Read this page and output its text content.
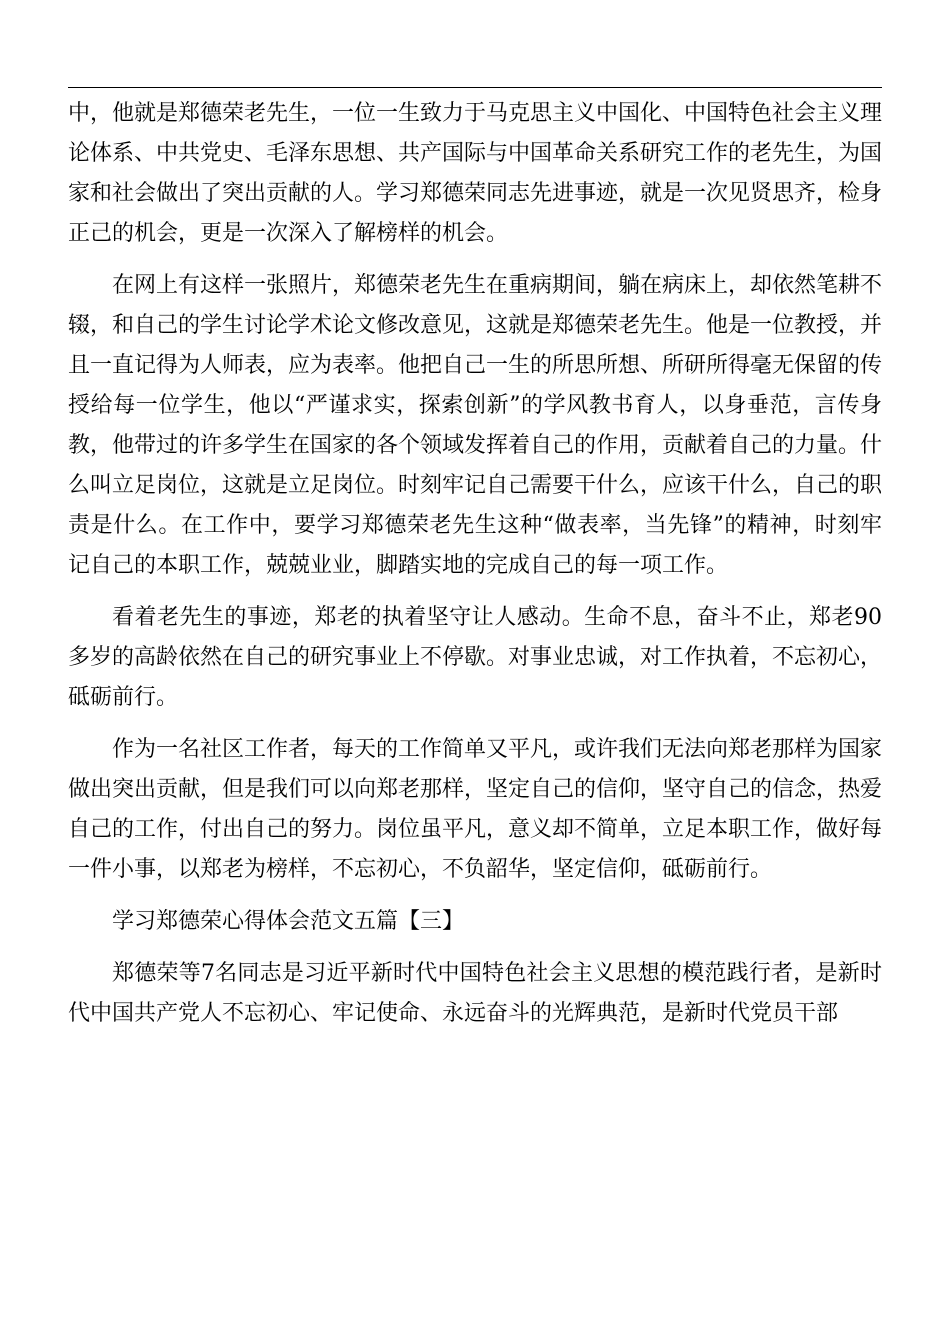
中，他就是郑德荣老先生，一位一生致力于马克思主义中国化、中国特色社会主义理论体系、中共党史、毛泽东思想、共产国际与中国革命关系研究工作的老先生，为国家和社会做出了突出贡献的人。学习郑德荣同志先进事迹，就是一次见贤思齐，检身正己的机会，更是一次深入了解榜样的机会。

在网上有这样一张照片，郑德荣老先生在重病期间，躺在病床上，却依然笔耕不辍，和自己的学生讨论学术论文修改意见，这就是郑德荣老先生。他是一位教授，并且一直记得为人师表，应为表率。他把自己一生的所思所想、所研所得毫无保留的传授给每一位学生，他以“严谨求实，探索创新”的学风教书育人，以身垂范，言传身教，他带过的许多学生在国家的各个领域发挥着自己的作用，贡献着自己的力量。什么叫立足岗位，这就是立足岗位。时刻牢记自己需要干什么，应该干什么，自己的职责是什么。在工作中，要学习郑德荣老先生这种“做表率，当先锋”的精神，时刻牢记自己的本职工作，兢兢业业，脚踏实地的完成自己的每一项工作。

看着老先生的事迹，郑老的执着坚守让人感动。生命不息，奋斗不止，郑老90多岁的高龄依然在自己的研究事业上不停歇。对事业忠诚，对工作执着，不忘初心，砥砺前行。

作为一名社区工作者，每天的工作简单又平凡，或许我们无法向郑老那样为国家做出突出贡献，但是我们可以向郑老那样，坚定自己的信仰，坚守自己的信念，热爱自己的工作，付出自己的努力。岗位虽平凡，意义却不简单，立足本职工作，做好每一件小事，以郑老为榜样，不忘初心，不负韶华，坚定信仰，砥砺前行。

学习郑德荣心得体会范文五篇【三】

郑德荣等7名同志是习近平新时代中国特色社会主义思想的模范践行者，是新时代中国共产党人不忘初心、牢记使命、永远奋斗的光辉典范，是新时代党员干部
